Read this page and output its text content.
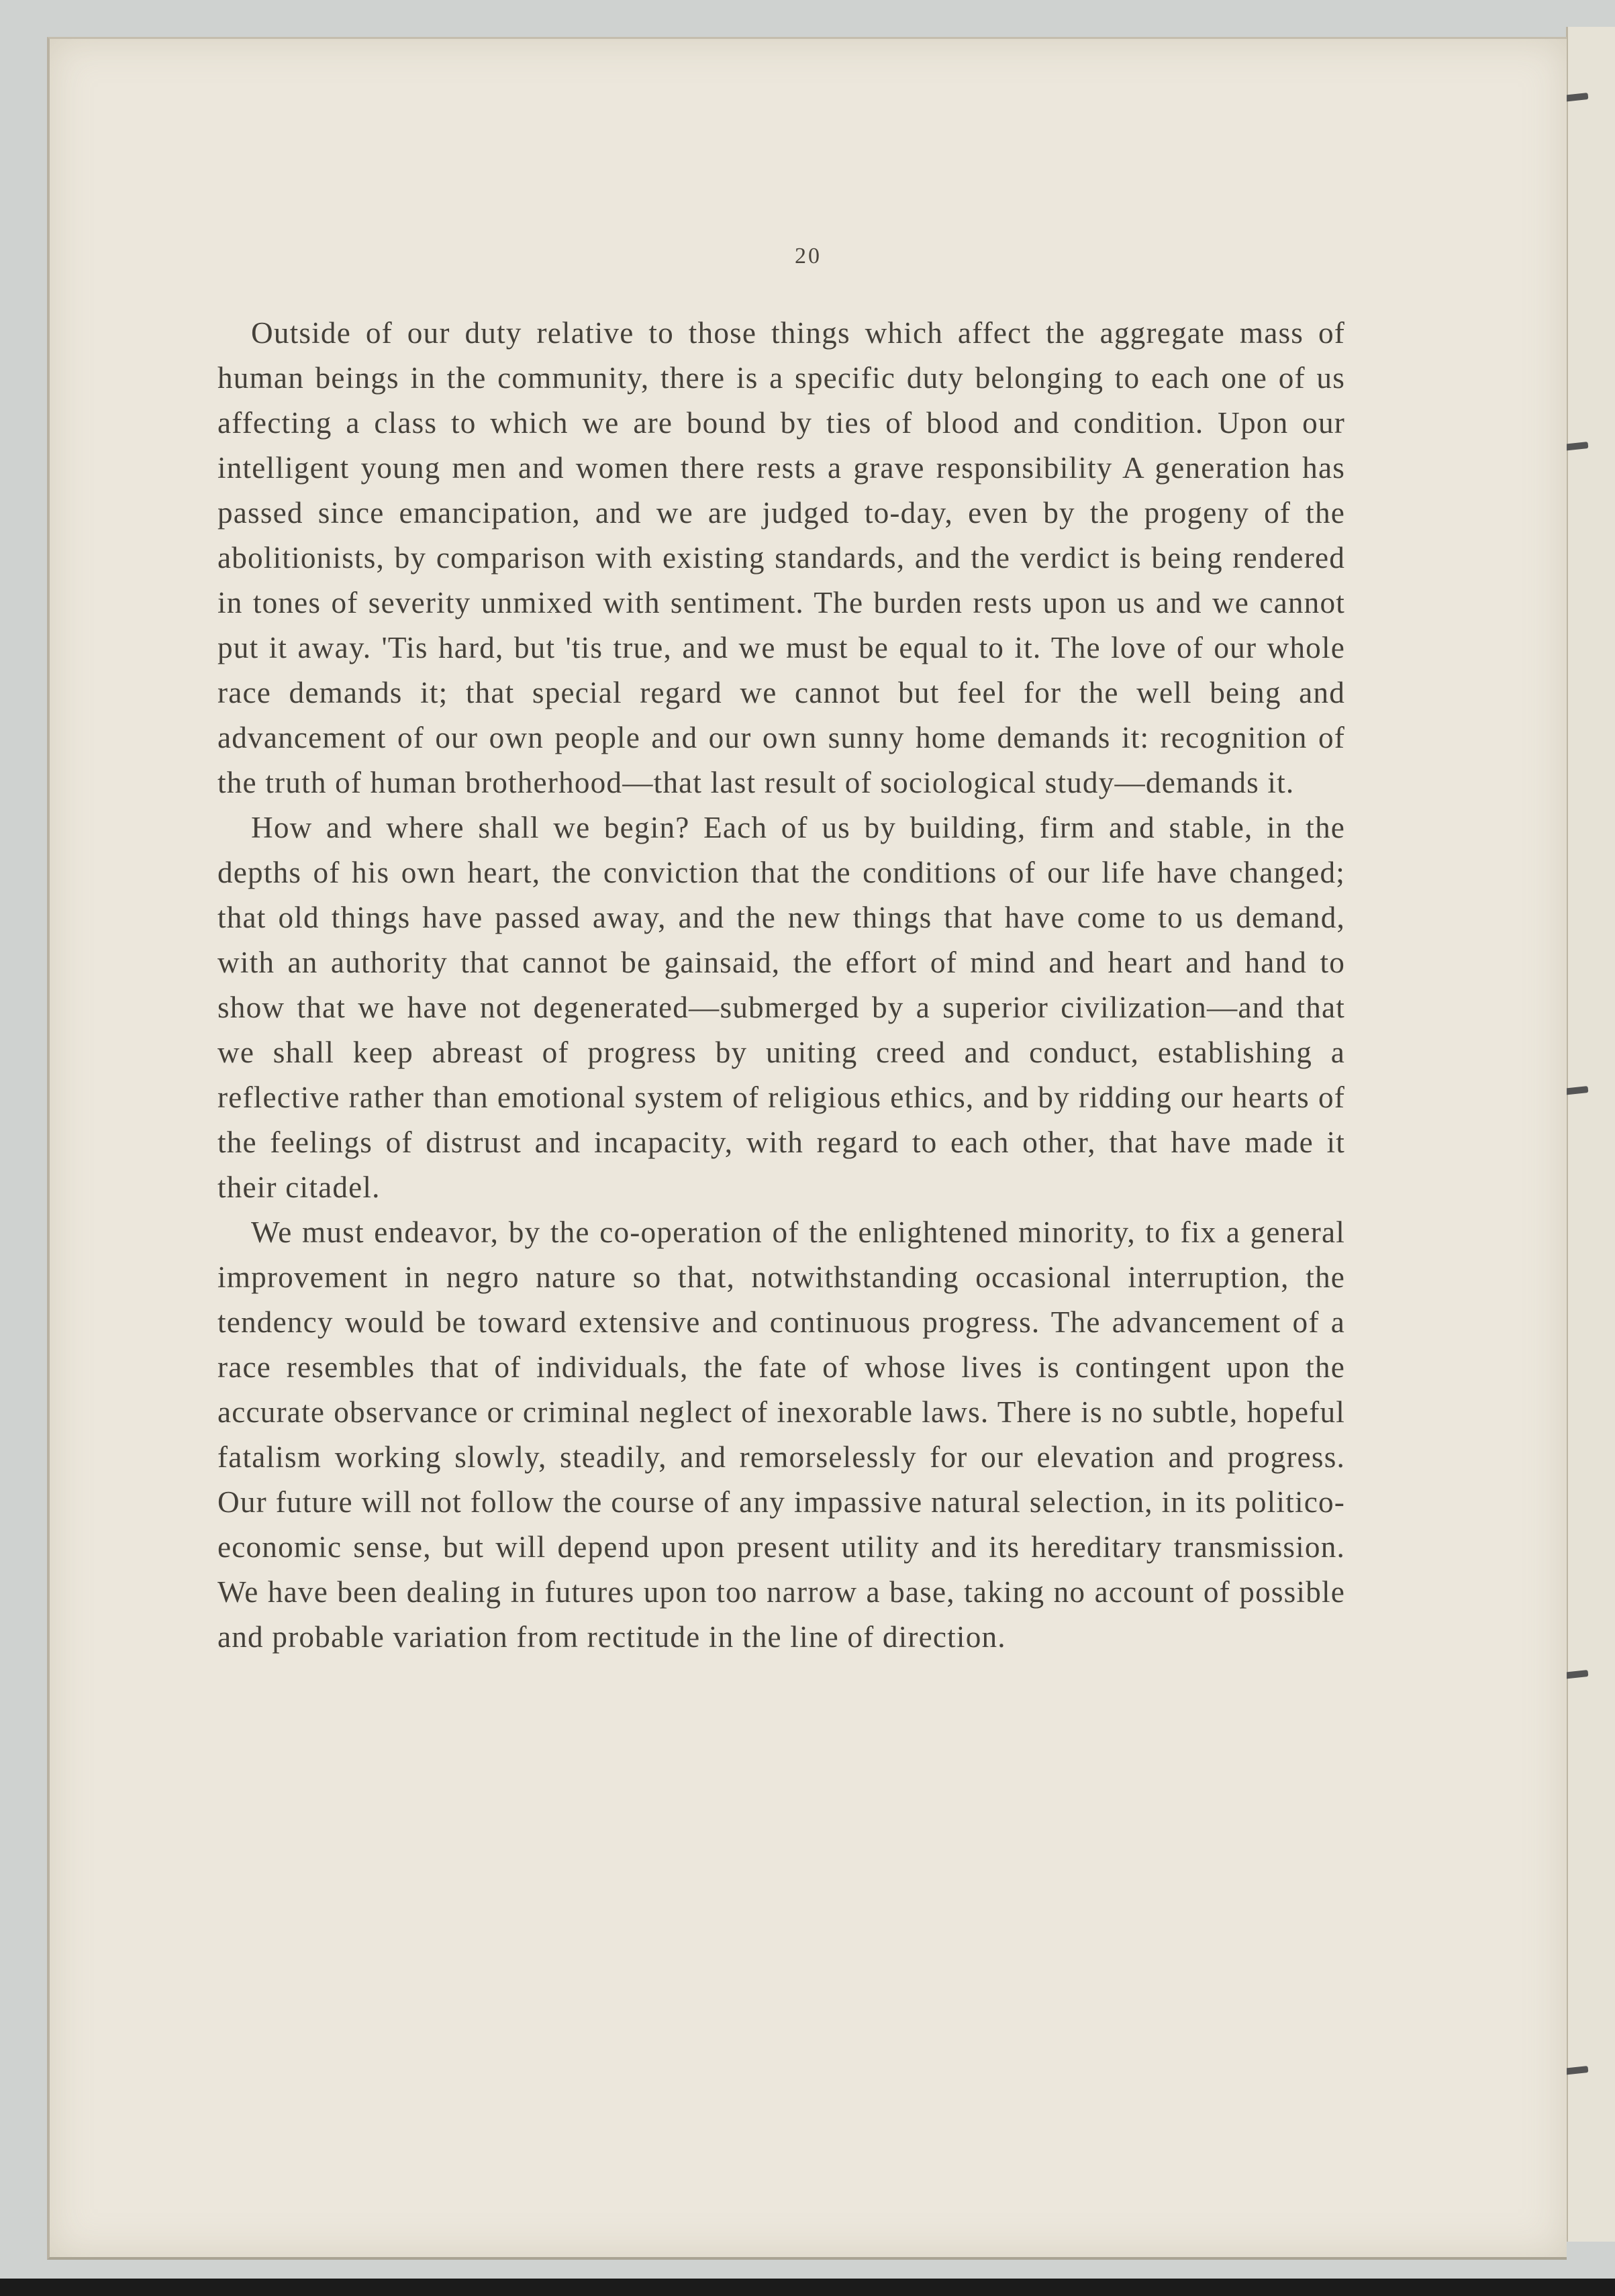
20

Outside of our duty relative to those things which affect the aggregate mass of human beings in the community, there is a specific duty belonging to each one of us affecting a class to which we are bound by ties of blood and condition. Upon our intelligent young men and women there rests a grave responsibility A generation has passed since emancipation, and we are judged to-day, even by the progeny of the abolitionists, by comparison with existing standards, and the verdict is being rendered in tones of severity unmixed with sentiment. The burden rests upon us and we cannot put it away. 'Tis hard, but 'tis true, and we must be equal to it. The love of our whole race demands it; that special regard we cannot but feel for the well being and advancement of our own people and our own sunny home demands it: recognition of the truth of human brotherhood—that last result of sociological study—demands it.

How and where shall we begin? Each of us by building, firm and stable, in the depths of his own heart, the conviction that the conditions of our life have changed; that old things have passed away, and the new things that have come to us demand, with an authority that cannot be gainsaid, the effort of mind and heart and hand to show that we have not degenerated—submerged by a superior civilization—and that we shall keep abreast of progress by uniting creed and conduct, establishing a reflective rather than emotional system of religious ethics, and by ridding our hearts of the feelings of distrust and incapacity, with regard to each other, that have made it their citadel.

We must endeavor, by the co-operation of the enlightened minority, to fix a general improvement in negro nature so that, notwithstanding occasional interruption, the tendency would be toward extensive and continuous progress. The advancement of a race resembles that of individuals, the fate of whose lives is contingent upon the accurate observance or criminal neglect of inexorable laws. There is no subtle, hopeful fatalism working slowly, steadily, and remorselessly for our elevation and progress. Our future will not follow the course of any impassive natural selection, in its politico-economic sense, but will depend upon present utility and its hereditary transmission. We have been dealing in futures upon too narrow a base, taking no account of possible and probable variation from rectitude in the line of direction.
